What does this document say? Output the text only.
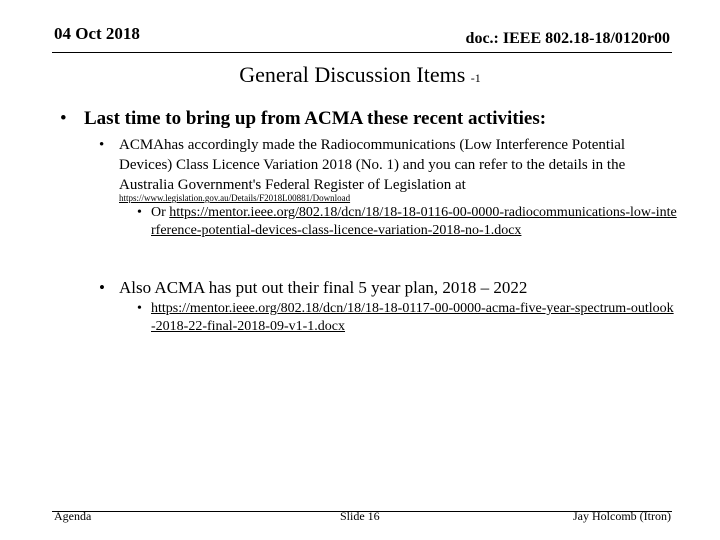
04 Oct 2018	doc.: IEEE 802.18-18/0120r00
General Discussion Items -1
• Last time to bring up from ACMA these recent activities:
• ACMAhas accordingly made the Radiocommunications (Low Interference Potential Devices) Class Licence Variation 2018 (No. 1) and you can refer to the details in the Australia Government's Federal Register of Legislation at
https://www.legislation.gov.au/Details/F2018L00881/Download
• Or https://mentor.ieee.org/802.18/dcn/18/18-18-0116-00-0000-radiocommunications-low-interference-potential-devices-class-licence-variation-2018-no-1.docx
• Also ACMA has put out their final 5 year plan, 2018 – 2022
• https://mentor.ieee.org/802.18/dcn/18/18-18-0117-00-0000-acma-five-year-spectrum-outlook-2018-22-final-2018-09-v1-1.docx
Agenda	Slide 16	Jay Holcomb (Itron)
